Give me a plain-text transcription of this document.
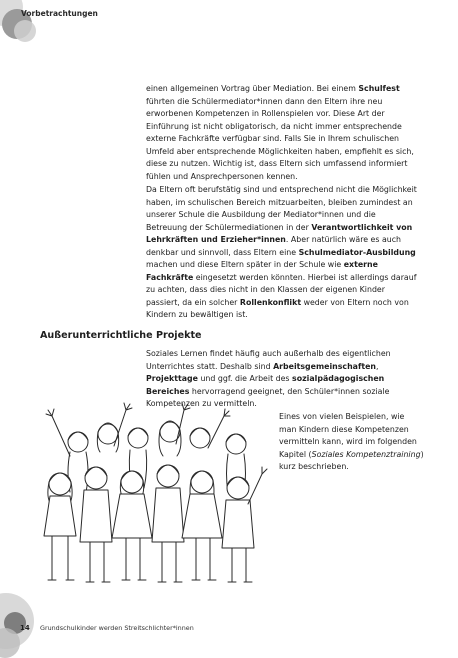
Vorbetrachtungen

einen allgemeinen Vortrag über Mediation. Bei einem Schulfest führten die Schülermediator*innen dann den Eltern ihre neu erworbenen Kompetenzen in Rollenspielen vor. Diese Art der Einführung ist nicht obligatorisch, da nicht immer entsprechende externe Fachkräfte verfügbar sind. Falls Sie in Ihrem schulischen Umfeld aber entsprechende Möglichkeiten haben, empfiehlt es sich, diese zu nutzen. Wichtig ist, dass Eltern sich umfassend informiert fühlen und Ansprechpersonen kennen.

Da Eltern oft berufstätig sind und entsprechend nicht die Möglichkeit haben, im schulischen Bereich mitzuarbeiten, bleiben zumindest an unserer Schule die Ausbildung der Mediator*innen und die Betreuung der Schülermediationen in der Verantwortlichkeit von Lehrkräften und Erzieher*innen. Aber natürlich wäre es auch denkbar und sinnvoll, dass Eltern eine Schulmediator-Ausbildung machen und diese Eltern später in der Schule wie externe Fachkräfte eingesetzt werden könnten. Hierbei ist allerdings darauf zu achten, dass dies nicht in den Klassen der eigenen Kinder passiert, da ein solcher Rollenkonflikt weder von Eltern noch von Kindern zu bewältigen ist.

Außerunterrichtliche Projekte

Soziales Lernen findet häufig auch außerhalb des eigentlichen Unterrichtes statt. Deshalb sind Arbeitsgemeinschaften, Projekttage und ggf. die Arbeit des sozialpädagogischen Bereiches hervorragend geeignet, den Schüler*innen soziale Kompetenzen zu vermitteln.

Eines von vielen Beispielen, wie man Kindern diese Kompetenzen vermitteln kann, wird im folgenden Kapitel (Soziales Kompetenztraining) kurz beschrieben.

14 Grundschulkinder werden Streitschlichter*innen
